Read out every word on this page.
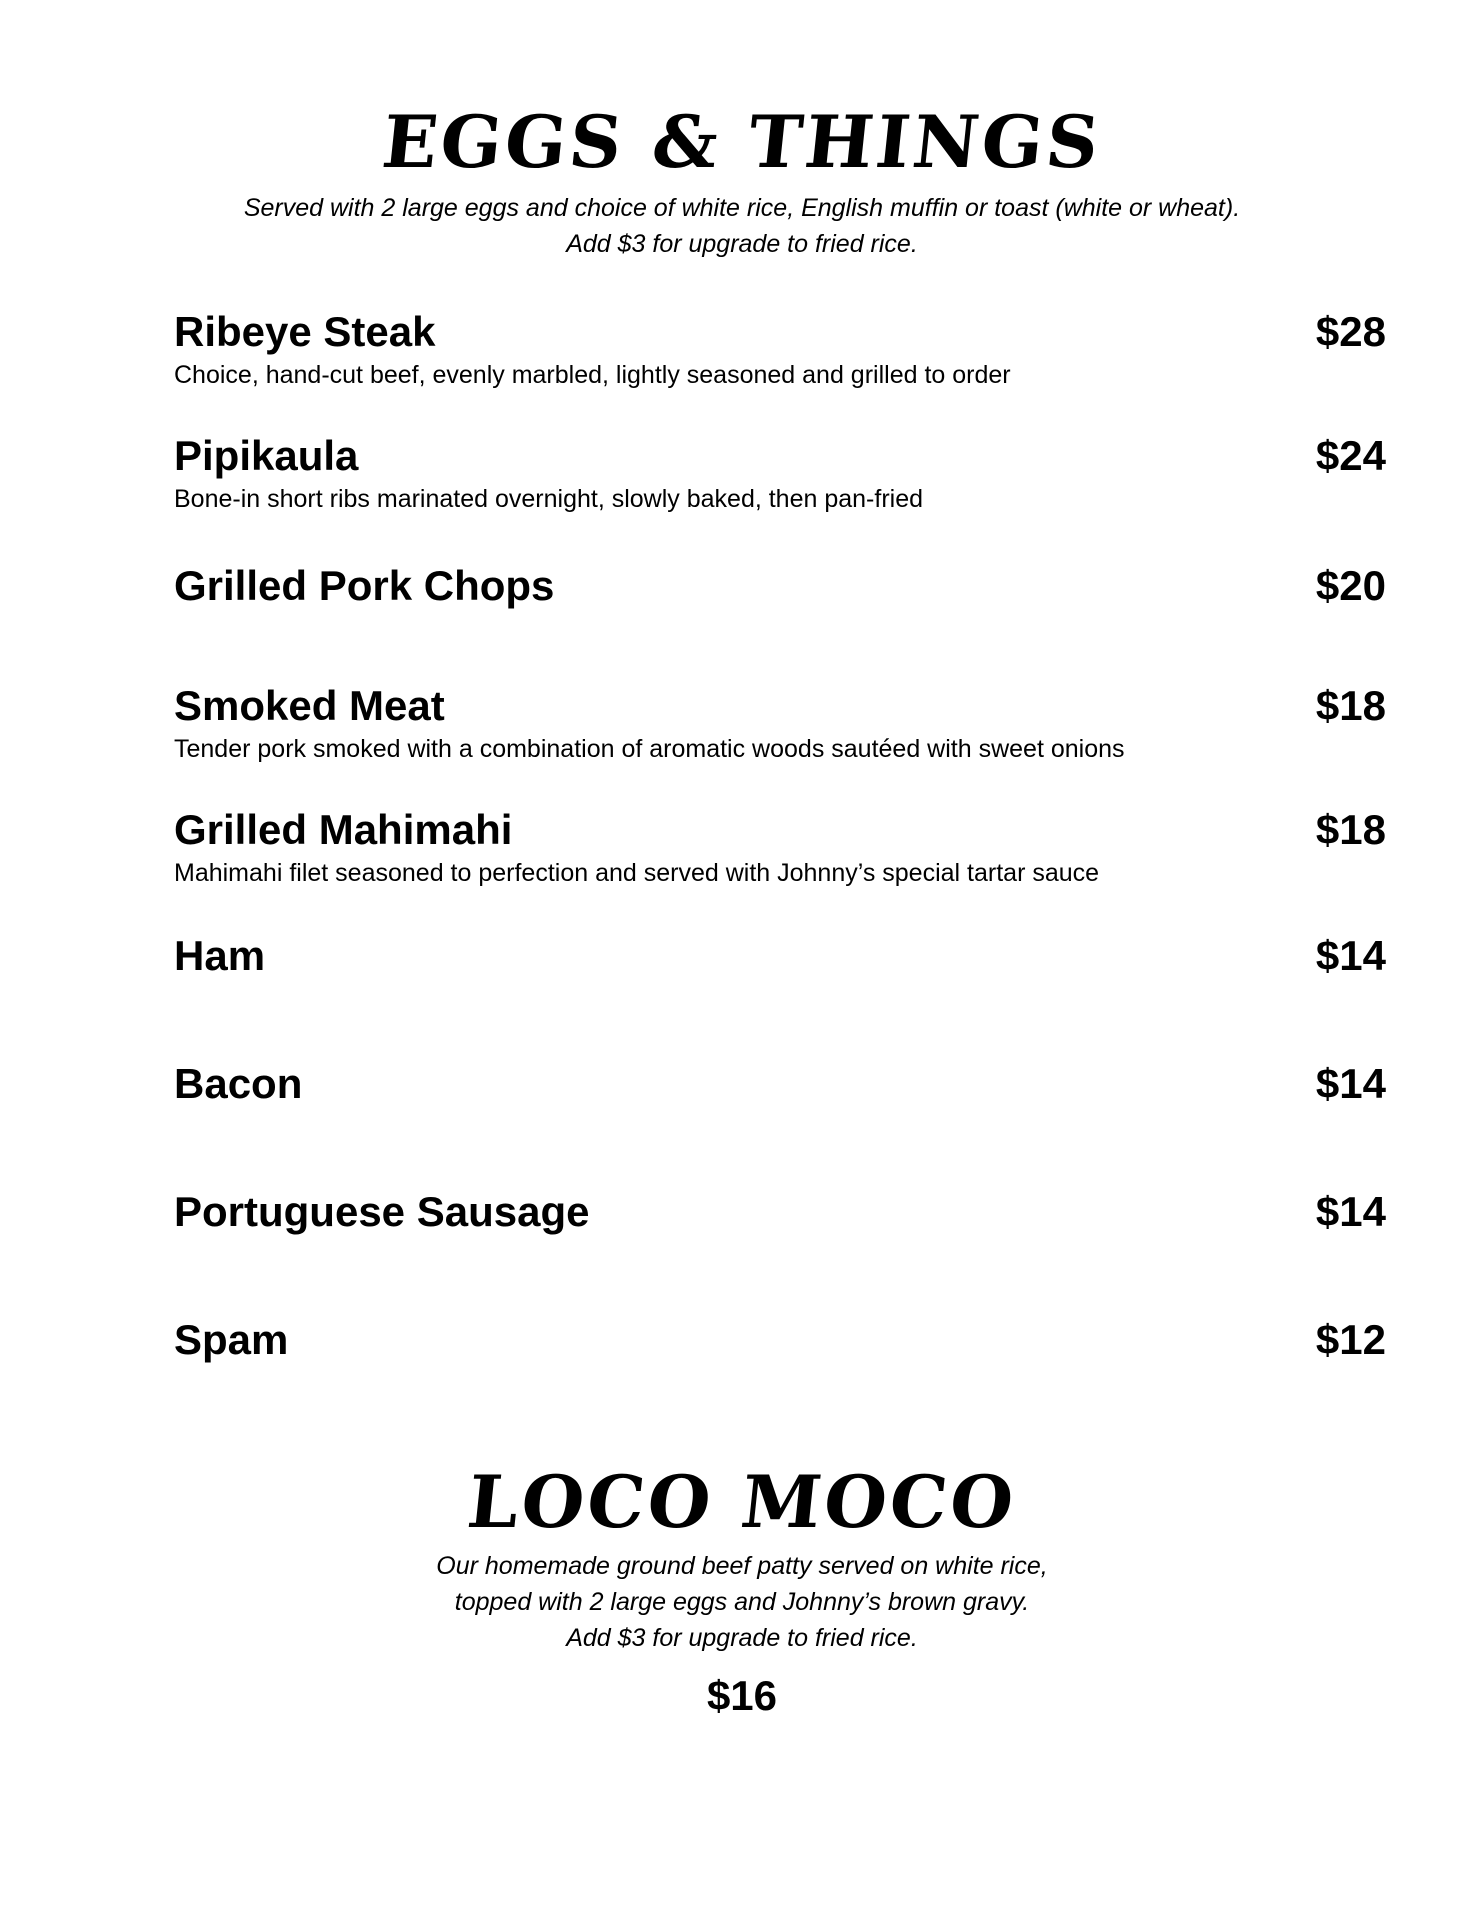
EGGS & THINGS
Served with 2 large eggs and choice of white rice, English muffin or toast (white or wheat).
Add $3 for upgrade to fried rice.
Ribeye Steak	$28
Choice, hand-cut beef, evenly marbled, lightly seasoned and grilled to order
Pipikaula	$24
Bone-in short ribs marinated overnight, slowly baked, then pan-fried
Grilled Pork Chops	$20
Smoked Meat	$18
Tender pork smoked with a combination of aromatic woods sautéed with sweet onions
Grilled Mahimahi	$18
Mahimahi filet seasoned to perfection and served with Johnny’s special tartar sauce
Ham	$14
Bacon	$14
Portuguese Sausage	$14
Spam	$12
LOCO MOCO
Our homemade ground beef patty served on white rice,
topped with 2 large eggs and Johnny’s brown gravy.
Add $3 for upgrade to fried rice.
$16
